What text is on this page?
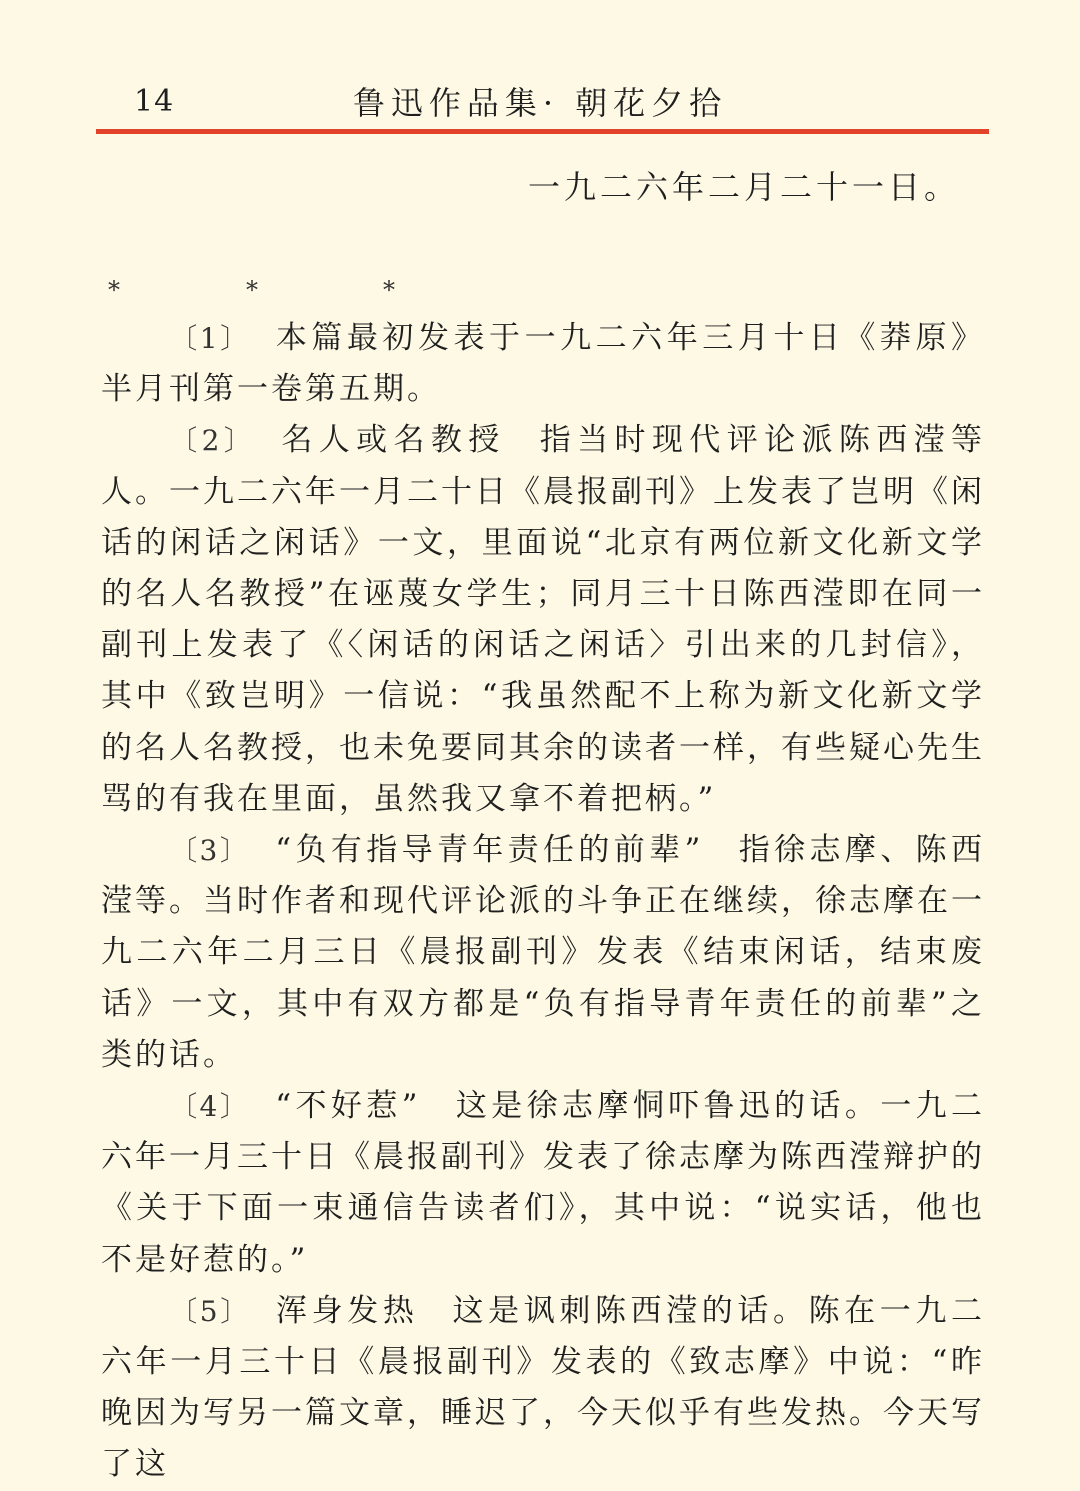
14	鲁迅作品集· 朝花夕拾
一九二六年二月二十一日。
*	*	*

〔1〕 本篇最初发表于一九二六年三月十日《莽原》半月刊第一卷第五期。

〔2〕 名人或名教授 指当时现代评论派陈西滢等人。一九二六年一月二十日《晨报副刊》上发表了岂明《闲话的闲话之闲话》一文，里面说“北京有两位新文化新文学的名人名教授”在诬蔑女学生；同月三十日陈西滢即在同一副刊上发表了《〈闲话的闲话之闲话〉引出来的几封信》，其中《致岂明》一信说：“我虽然配不上称为新文化新文学的名人名教授，也未免要同其余的读者一样，有些疑心先生骂的有我在里面，虽然我又拿不着把柄。”

〔3〕 “负有指导青年责任的前辈” 指徐志摩、陈西滢等。当时作者和现代评论派的斗争正在继续，徐志摩在一九二六年二月三日《晨报副刊》发表《结束闲话，结束废话》一文，其中有双方都是“负有指导青年责任的前辈”之类的话。

〔4〕 “不好惹” 这是徐志摩恫吓鲁迅的话。一九二六年一月三十日《晨报副刊》发表了徐志摩为陈西滢辩护的《关于下面一束通信告读者们》，其中说：“说实话，他也不是好惹的。”

〔5〕 浑身发热 这是讽刺陈西滢的话。陈在一九二六年一月三十日《晨报副刊》发表的《致志摩》中说：“昨晚因为写另一篇文章，睡迟了，今天似乎有些发热。今天写了这
